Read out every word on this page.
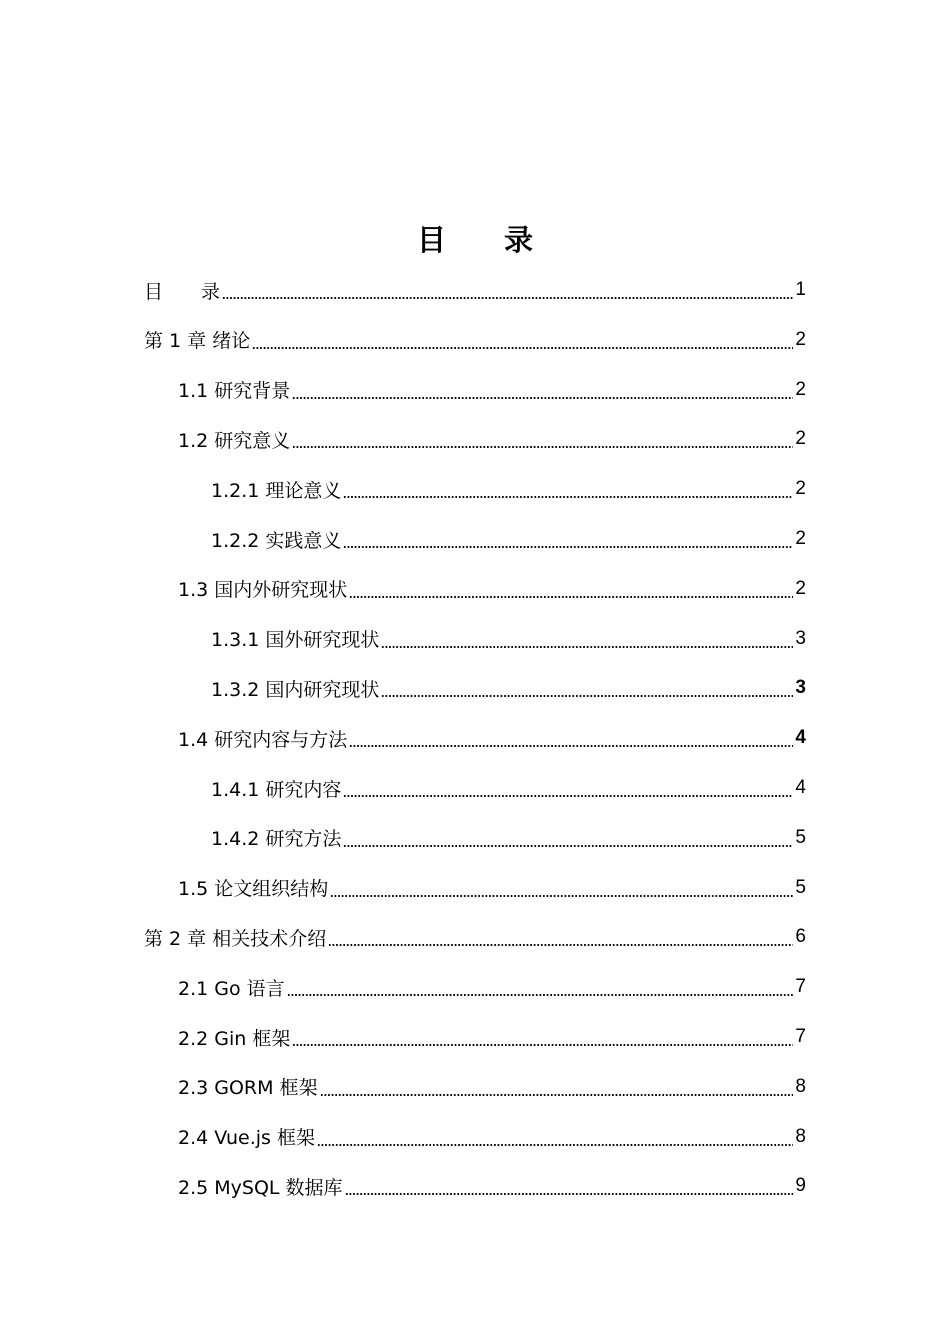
目　　录
目　　录	1
第 1 章 绪论	2
1.1 研究背景	2
1.2 研究意义	2
1.2.1 理论意义	2
1.2.2 实践意义	2
1.3 国内外研究现状	2
1.3.1 国外研究现状	3
1.3.2 国内研究现状	3
1.4 研究内容与方法	4
1.4.1 研究内容	4
1.4.2 研究方法	5
1.5 论文组织结构	5
第 2 章 相关技术介绍	6
2.1 Go 语言	7
2.2 Gin 框架	7
2.3 GORM 框架	8
2.4 Vue.js 框架	8
2.5 MySQL 数据库	9
